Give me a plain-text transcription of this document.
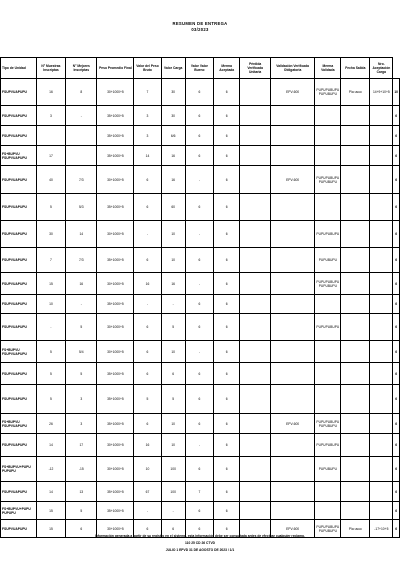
RESUMEN DE ENTREGA
03/2023
Tipo de Unidad	N° Muestras Inscriptas	N° Mejores Inscriptas	Peso Promedio Final	Valor del Peso Bruto	Valor Carga	Valor Valor Bueno	Merma Aceptada	Pérdida Verificada Unitaria	Validación Verificada Obligatoria	Merma Validada	Fecha Salida	Nro. Aceptación Carga	
FSUPVUAPUPU	16	8	30+1000+5	7	30	6	6		EPV-600	PUPUPUBUPU PUPUBUPU	Pla usuo	14+9+10+5	10
FSUPVUAPUPU	3	-	35+1000+5	3	30	6	6						6
FSUPVUAPUPU			35+1000+5	3	6/6	6	6						6
FS+BUPVU FSUPVUAPUPU	17		35+1000+5	14	16	6	6						6
FSUPVUAPUPU	40	7/3	30+1000+5	6	16	-	6		EPV-600	PUPUPUBUPU PUPUBUPU			6
FSUPVUAPUPU	5	5/3	35+1000+5	6	60	6	6						6
FSUPVUAPUPU	30	14	30+1000+5	-	10	-	6			PUPUPUBUPU			6
FSUPVUAPUPU	7	7/3	35+1000+5	6	10	6	6			PUPUBUPU			6
FSUPVUAPUPU	15	16	30+1000+5	16	16	-	6			PUPUPUBUPU PUPUBUPU			6
FSUPVUAPUPU	10	-	35+1000+5	-	-	6	6						6
FSUPVUAPUPU	-	5	30+1000+5	6	5	6	6			PUPUPUBUPU			6
FS+BUPVU FSUPVUAPUPU	5	5/4	30+1000+5	6	10	-	6						6
FSUPVUAPUPU	5	5	35+1000+5	6	6	6	6						6
FSUPVUAPUPU	5	3	35+1000+5	5	5	6	6						6
FS+BUPVU FSUPVUAPUPU	26	3	35+1000+5	6	10	6	6		EPV-600	PUPUPUBUPU PUPUBUPU			6
FSUPVUAPUPU	14	17	30+1000+5	16	10	-	6			PUPUPUBUPU			6
FS+BUPVU+PUPU PUPUPU	-12	-15	30+1000+5	10	100	6	6			PUPUBUPU			6
FSUPVUAPUPU	14	13	35+1000+5	67	100	7	6						6
FS+BUPVU+PUPU PUPUPU	15	5	35+1000+5	-	-	6	6						6
FSUPVUAPUPU	15	6	30+1000+5	6	6	6	6		EPV-600	PUPUPUBUPU PUPUBUPU	Pla usuo	-17+10+5	6
Información generada a partir de su registro en el sistema, esta información debe ser consultada antes de efectuar cualquier reclamo.
110 25 CD 26 CTVD
JULIO 1 EPVD 31 DE AGOSTO DE 2023 / 1/1
